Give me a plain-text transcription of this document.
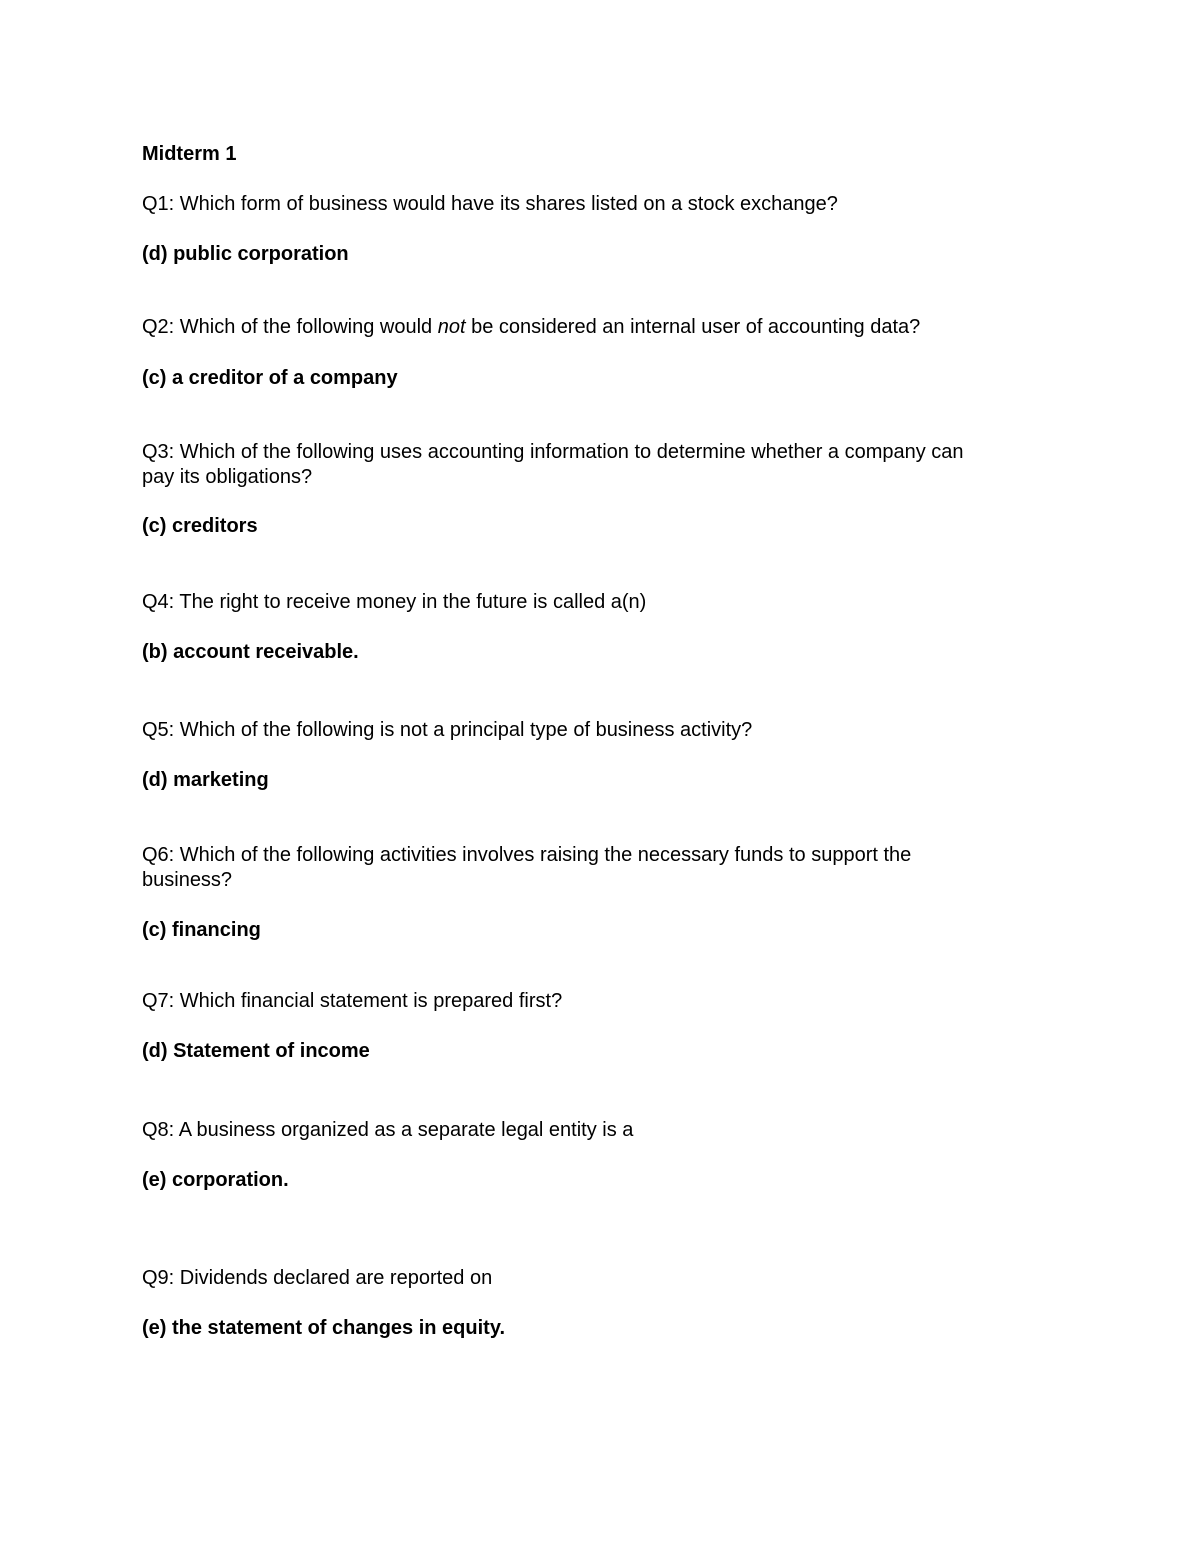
Midterm 1
Q1: Which form of business would have its shares listed on a stock exchange?
(d) public corporation
Q2: Which of the following would not be considered an internal user of accounting data?
(c) a creditor of a company
Q3: Which of the following uses accounting information to determine whether a company can
pay its obligations?
(c) creditors
Q4: The right to receive money in the future is called a(n)
(b) account receivable.
Q5: Which of the following is not a principal type of business activity?
(d) marketing
Q6: Which of the following activities involves raising the necessary funds to support the
business?
(c) financing
Q7: Which financial statement is prepared first?
(d) Statement of income
Q8: A business organized as a separate legal entity is a
(e) corporation.
Q9: Dividends declared are reported on
(e) the statement of changes in equity.
